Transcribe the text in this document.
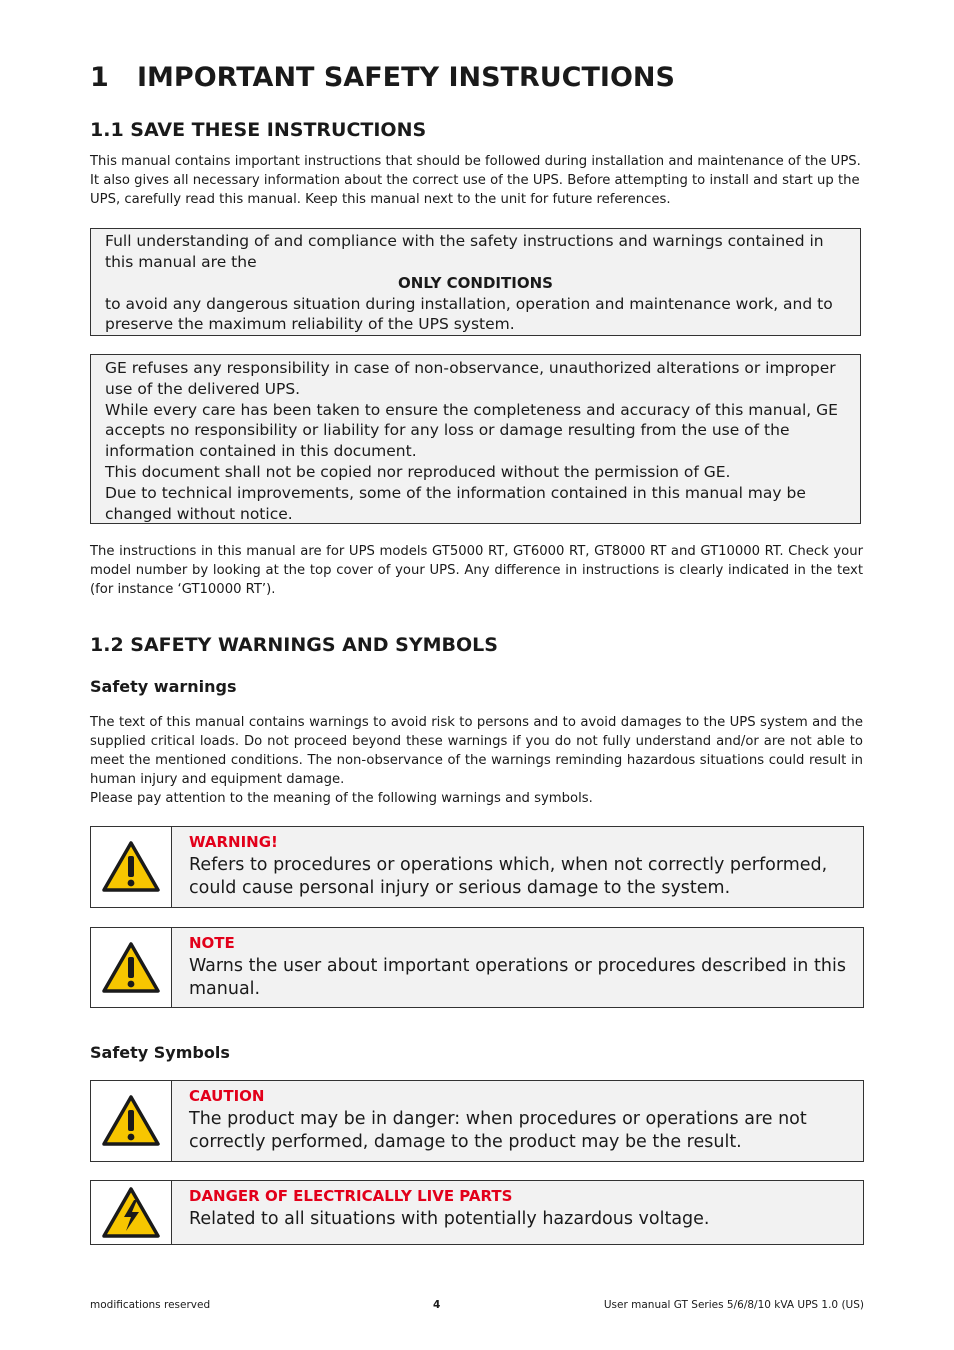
1 IMPORTANT SAFETY INSTRUCTIONS
1.1 SAVE THESE INSTRUCTIONS

This manual contains important instructions that should be followed during installation and maintenance of the UPS. It also gives all necessary information about the correct use of the UPS. Before attempting to install and start up the UPS, carefully read this manual. Keep this manual next to the unit for future references.

Full understanding of and compliance with the safety instructions and warnings contained in this manual are the

ONLY CONDITIONS

to avoid any dangerous situation during installation, operation and maintenance work, and to preserve the maximum reliability of the UPS system.

GE refuses any responsibility in case of non-observance, unauthorized alterations or improper use of the delivered UPS.

While every care has been taken to ensure the completeness and accuracy of this manual, GE accepts no responsibility or liability for any loss or damage resulting from the use of the information contained in this document.

This document shall not be copied nor reproduced without the permission of GE.

Due to technical improvements, some of the information contained in this manual may be changed without notice.

The instructions in this manual are for UPS models GT5000 RT, GT6000 RT, GT8000 RT and GT10000 RT. Check your model number by looking at the top cover of your UPS. Any difference in instructions is clearly indicated in the text (for instance ‘GT10000 RT’).

1.2 SAFETY WARNINGS AND SYMBOLS
Safety warnings

The text of this manual contains warnings to avoid risk to persons and to avoid damages to the UPS system and the supplied critical loads. Do not proceed beyond these warnings if you do not fully understand and/or are not able to meet the mentioned conditions. The non-observance of the warnings reminding hazardous situations could result in human injury and equipment damage.

Please pay attention to the meaning of the following warnings and symbols.

WARNING!

Refers to procedures or operations which, when not correctly performed, could cause personal injury or serious damage to the system.

NOTE

Warns the user about important operations or procedures described in this manual.

Safety Symbols

CAUTION

The product may be in danger: when procedures or operations are not correctly performed, damage to the product may be the result.

DANGER OF ELECTRICALLY LIVE PARTS

Related to all situations with potentially hazardous voltage.

modifications reserved	4	User manual GT Series 5/6/8/10 kVA UPS 1.0 (US)
